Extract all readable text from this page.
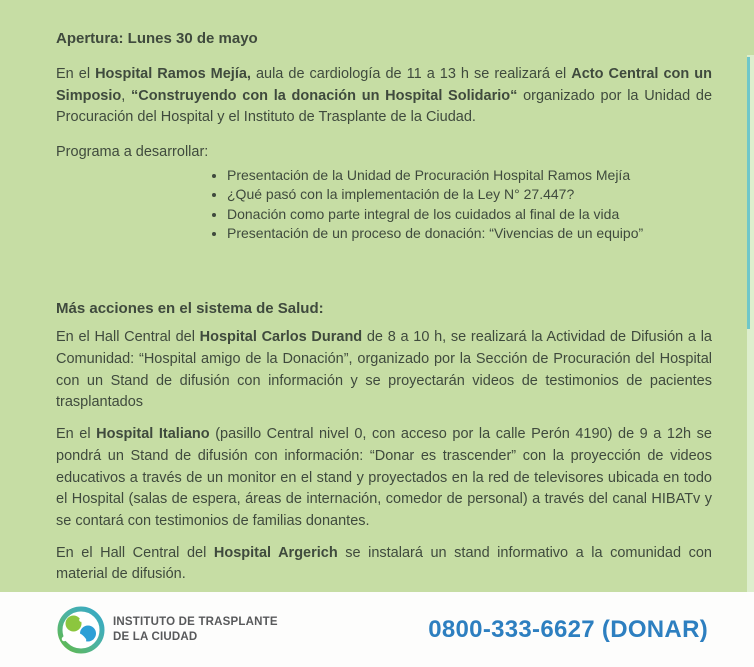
Apertura: Lunes 30 de mayo

En el Hospital Ramos Mejía, aula de cardiología de 11 a 13 h se realizará el Acto Central con un Simposio, “Construyendo con la donación un Hospital Solidario“ organizado por la Unidad de Procuración del Hospital y el Instituto de Trasplante de la Ciudad.

Programa a desarrollar:
• Presentación de la Unidad de Procuración Hospital Ramos Mejía
• ¿Qué pasó con la implementación de la Ley N° 27.447?
• Donación como parte integral de los cuidados al final de la vida
• Presentación de un proceso de donación: “Vivencias de un equipo”
Más acciones en el sistema de Salud:

En el Hall Central del Hospital Carlos Durand de 8 a 10 h, se realizará la Actividad de Difusión a la Comunidad: “Hospital amigo de la Donación”, organizado por la Sección de Procuración del Hospital con un Stand de difusión con información y se proyectarán videos de testimonios de pacientes trasplantados

En el Hospital Italiano (pasillo Central nivel 0, con acceso por la calle Perón 4190) de 9 a 12h se pondrá un Stand de difusión con información: “Donar es trascender” con la proyección de videos educativos a través de un monitor en el stand y proyectados en la red de televisores ubicada en todo el Hospital (salas de espera, áreas de internación, comedor de personal) a través del canal HIBATv y se contará con testimonios de familias donantes.

En el Hall Central del Hospital Argerich se instalará un stand informativo a la comunidad con material de difusión.

INSTITUTO DE TRASPLANTE
DE LA CIUDAD	0800-333-6627 (DONAR)
